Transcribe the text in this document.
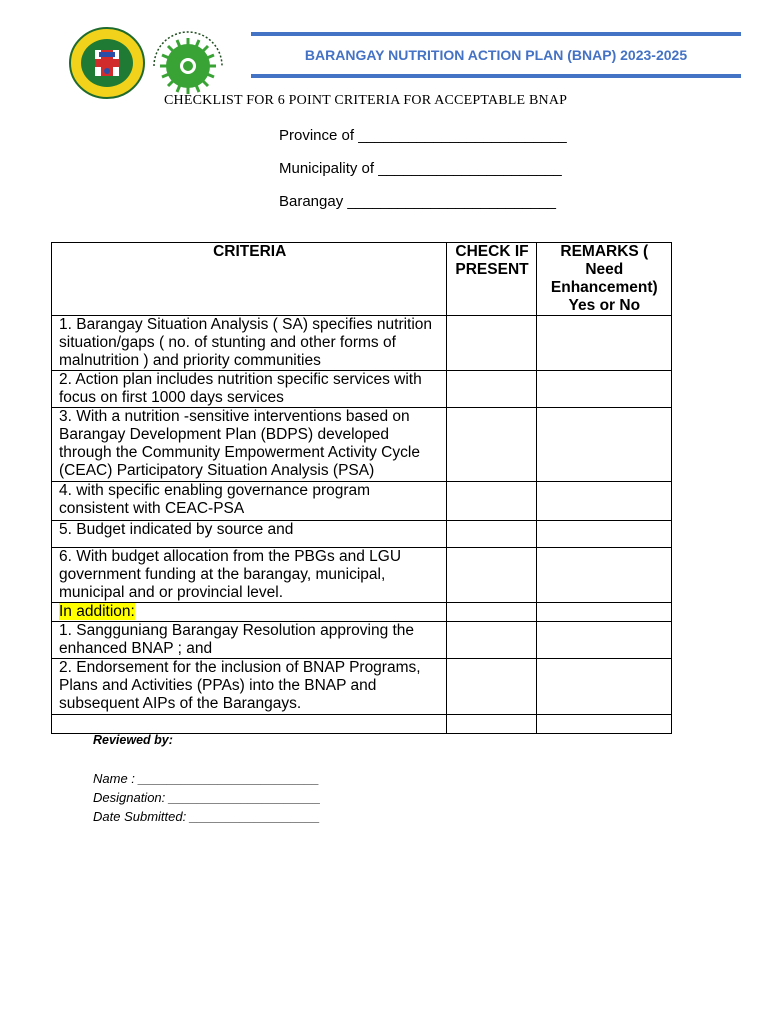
BARANGAY NUTRITION ACTION PLAN (BNAP) 2023-2025
CHECKLIST FOR 6 POINT CRITERIA FOR ACCEPTABLE BNAP
Province of _________________________
Municipality of ______________________
Barangay _________________________
CRITERIA	CHECK IF PRESENT	REMARKS ( Need Enhancement) Yes or No
1. Barangay Situation Analysis ( SA) specifies nutrition situation/gaps ( no. of stunting and other forms of malnutrition ) and priority communities		
2. Action plan includes nutrition specific services with focus on first 1000 days services		
3. With a nutrition -sensitive interventions based on Barangay Development Plan (BDPS) developed through the Community Empowerment Activity Cycle (CEAC) Participatory Situation Analysis (PSA)		
4. with specific enabling governance program consistent with CEAC-PSA		
5. Budget indicated by source and		
6. With budget allocation from the PBGs and LGU government funding at the barangay, municipal, municipal and or provincial level.		
In addition:		
1. Sangguniang Barangay Resolution approving the enhanced BNAP ; and		
2. Endorsement for the inclusion of BNAP Programs, Plans and Activities (PPAs) into the BNAP and subsequent AIPs of the Barangays.		

Reviewed by:
Name : _________________________
Designation: _____________________
Date Submitted: __________________
